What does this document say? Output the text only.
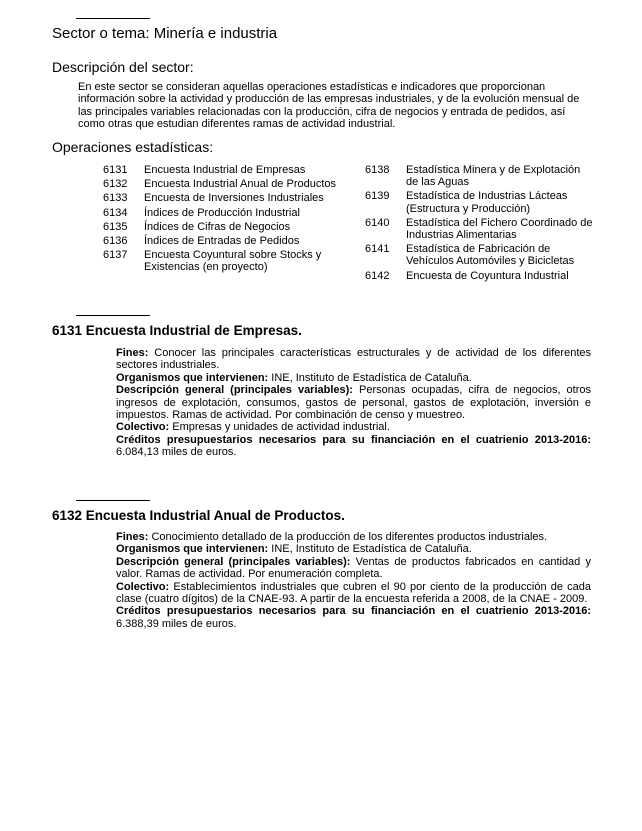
Sector o tema: Minería e industria
Descripción del sector:
En este sector se consideran aquellas operaciones estadísticas e indicadores que proporcionan información sobre la actividad y producción de las empresas industriales, y de la evolución mensual de las principales variables relacionadas con la producción, cifra de negocios y entrada de pedidos, así como otras que estudian diferentes ramas de actividad industrial.
Operaciones estadísticas:
6131	Encuesta Industrial de Empresas
6132	Encuesta Industrial Anual de Productos
6133	Encuesta de Inversiones Industriales
6134	Índices de Producción Industrial
6135	Índices de Cifras de Negocios
6136	Índices de Entradas de Pedidos
6137	Encuesta Coyuntural sobre Stocks y Existencias (en proyecto)
6138	Estadística Minera y de Explotación de las Aguas
6139	Estadística de Industrias Lácteas (Estructura y Producción)
6140	Estadística del Fichero Coordinado de Industrias Alimentarias
6141	Estadística de Fabricación de Vehículos Automóviles y Bicicletas
6142	Encuesta de Coyuntura Industrial
6131 Encuesta Industrial de Empresas.

Fines: Conocer las principales características estructurales y de actividad de los diferentes sectores industriales.

Organismos que intervienen: INE, Instituto de Estadística de Cataluña.

Descripción general (principales variables): Personas ocupadas, cifra de negocios, otros ingresos de explotación, consumos, gastos de personal, gastos de explotación, inversión e impuestos. Ramas de actividad. Por combinación de censo y muestreo.

Colectivo: Empresas y unidades de actividad industrial.

Créditos presupuestarios necesarios para su financiación en el cuatrienio 2013-2016: 6.084,13 miles de euros.

6132 Encuesta Industrial Anual de Productos.

Fines: Conocimiento detallado de la producción de los diferentes productos industriales.

Organismos que intervienen: INE, Instituto de Estadística de Cataluña.

Descripción general (principales variables): Ventas de productos fabricados en cantidad y valor. Ramas de actividad. Por enumeración completa.

Colectivo: Establecimientos industriales que cubren el 90 por ciento de la producción de cada clase (cuatro dígitos) de la CNAE-93. A partir de la encuesta referida a 2008, de la CNAE - 2009.

Créditos presupuestarios necesarios para su financiación en el cuatrienio 2013-2016: 6.388,39 miles de euros.
